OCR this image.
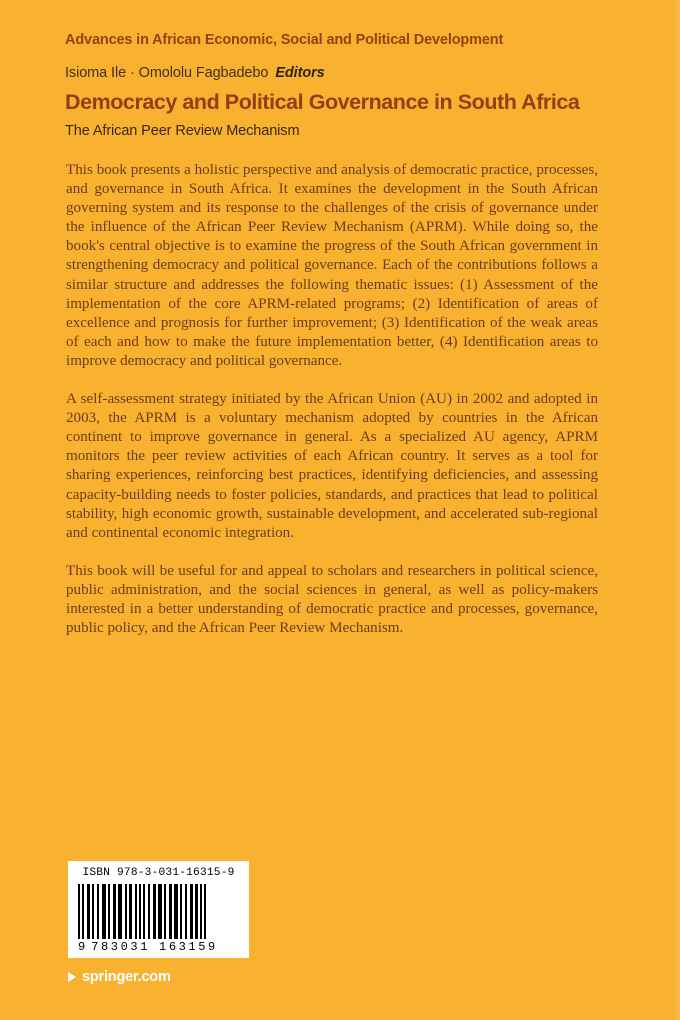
Advances in African Economic, Social and Political Development
Isioma Ile · Omololu Fagbadebo Editors
Democracy and Political Governance in South Africa
The African Peer Review Mechanism

This book presents a holistic perspective and analysis of democratic practice, processes, and governance in South Africa. It examines the development in the South African governing system and its response to the challenges of the crisis of governance under the influence of the African Peer Review Mechanism (APRM). While doing so, the book's central objective is to examine the progress of the South African government in strengthening democracy and political governance. Each of the contributions follows a similar structure and addresses the following thematic issues: (1) Assessment of the implementation of the core APRM-related programs; (2) Identification of areas of excellence and prognosis for further improvement; (3) Identification of the weak areas of each and how to make the future implementation better, (4) Identification areas to improve democracy and political governance.

A self-assessment strategy initiated by the African Union (AU) in 2002 and adopted in 2003, the APRM is a voluntary mechanism adopted by countries in the African continent to improve governance in general. As a specialized AU agency, APRM monitors the peer review activities of each African country. It serves as a tool for sharing experiences, reinforcing best practices, identifying deficiencies, and assessing capacity-building needs to foster policies, standards, and practices that lead to political stability, high economic growth, sustainable development, and accelerated sub-regional and continental economic integration.

This book will be useful for and appeal to scholars and researchers in political science, public administration, and the social sciences in general, as well as policy-makers interested in a better understanding of democratic practice and processes, governance, public policy, and the African Peer Review Mechanism.

ISBN 978-3-031-16315-9
9 783031 163159
springer.com
